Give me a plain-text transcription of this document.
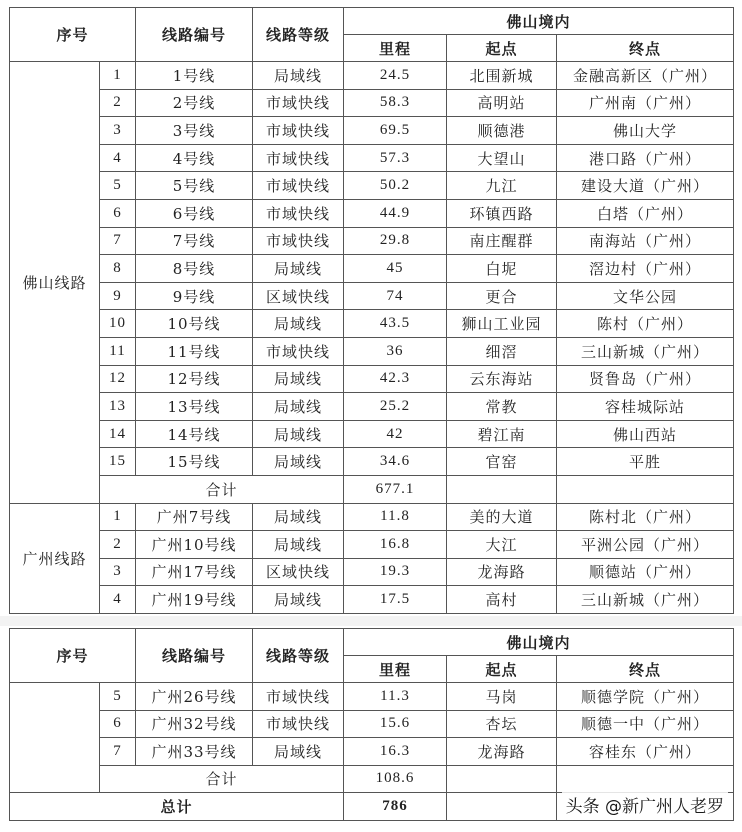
序号		线路编号	线路等级	佛山境内		
				里程	起点	终点
佛山线路	1	1号线	局域线	24.5	北围新城	金融高新区（广州）
	2	2号线	市域快线	58.3	高明站	广州南（广州）
	3	3号线	市域快线	69.5	顺德港	佛山大学
	4	4号线	市域快线	57.3	大望山	港口路（广州）
	5	5号线	市域快线	50.2	九江	建设大道（广州）
	6	6号线	市域快线	44.9	环镇西路	白塔（广州）
	7	7号线	市域快线	29.8	南庄醒群	南海站（广州）
	8	8号线	局域线	45	白坭	滘边村（广州）
	9	9号线	区域快线	74	更合	文华公园
	10	10号线	局域线	43.5	狮山工业园	陈村（广州）
	11	11号线	市域快线	36	细滘	三山新城（广州）
	12	12号线	局域线	42.3	云东海站	贤鲁岛（广州）
	13	13号线	局域线	25.2	常教	容桂城际站
	14	14号线	局域线	42	碧江南	佛山西站
	15	15号线	局域线	34.6	官窑	平胜
	合计			677.1		
广州线路	1	广州7号线	局域线	11.8	美的大道	陈村北（广州）
	2	广州10号线	局域线	16.8	大江	平洲公园（广州）
	3	广州17号线	区域快线	19.3	龙海路	顺德站（广州）
	4	广州19号线	局域线	17.5	高村	三山新城（广州）
序号		线路编号	线路等级	佛山境内		
				里程	起点	终点
	5	广州26号线	市域快线	11.3	马岗	顺德学院（广州）
	6	广州32号线	市域快线	15.6	杏坛	顺德一中（广州）
	7	广州33号线	局域线	16.3	龙海路	容桂东（广州）
	合计			108.6		
总计				786			头条 @新广州人老罗
